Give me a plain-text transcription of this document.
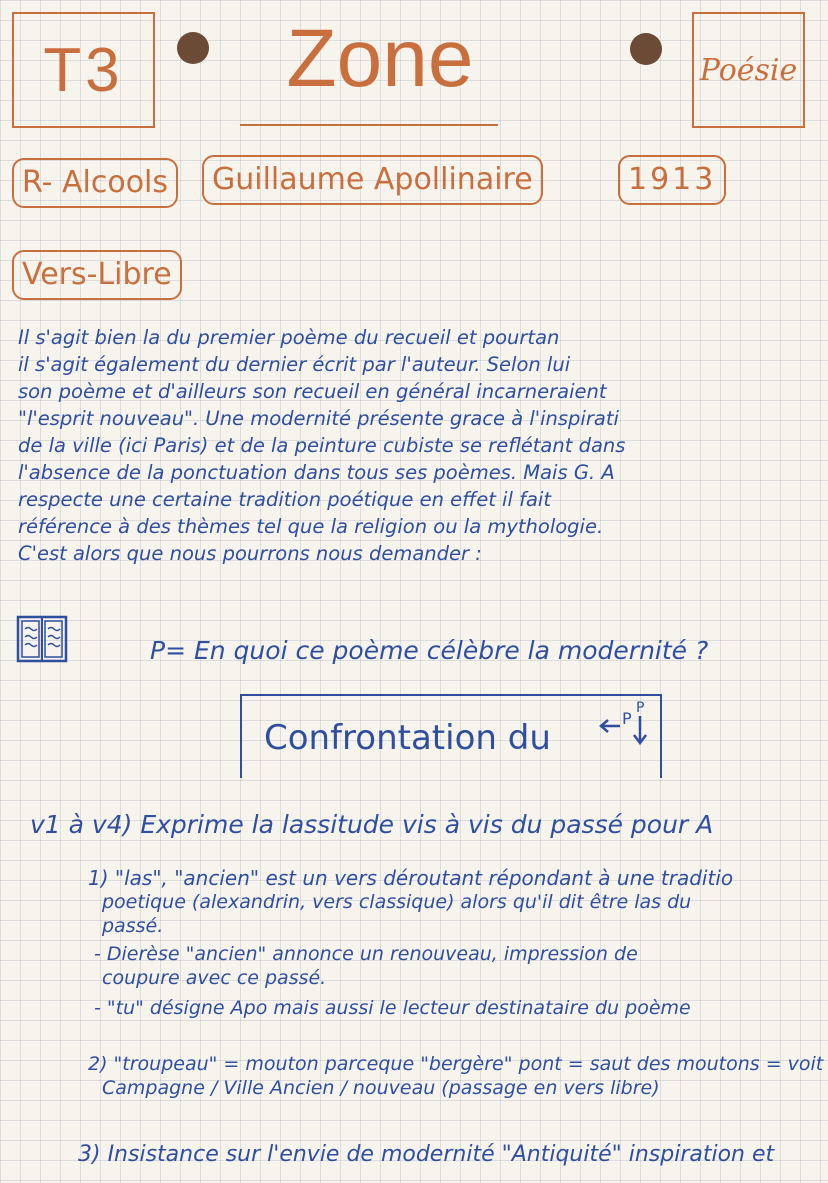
T3	Zone	Poésie
R- Alcools	Guillaume Apollinaire	1913
Vers-Libre
Il s'agit bien la du premier poème du recueil et pourtan
il s'agit également du dernier écrit par l'auteur. Selon lui
son poème et d'ailleurs son recueil en général incarneraient
"l'esprit nouveau". Une modernité présente grace à l'inspirati
de la ville (ici Paris) et de la peinture cubiste se reflétant dans
l'absence de la ponctuation dans tous ses poèmes. Mais G. A
respecte une certaine tradition poétique en effet il fait
référence à des thèmes tel que la religion ou la mythologie.
C'est alors que nous pourrons nous demander :
P= En quoi ce poème célèbre la modernité ?
Confrontation du	P
P
v1 à v4) Exprime la lassitude vis à vis du passé pour A
1) "las", "ancien" est un vers déroutant répondant à une traditio
poetique (alexandrin, vers classique) alors qu'il dit être las du
passé.
- Dierèse "ancien" annonce un renouveau, impression de
coupure avec ce passé.
- "tu" désigne Apo mais aussi le lecteur destinataire du poème
2) "troupeau" = mouton parceque "bergère" pont = saut des moutons = voit
Campagne / Ville Ancien / nouveau (passage en vers libre)
3) Insistance sur l'envie de modernité "Antiquité" inspiration et
